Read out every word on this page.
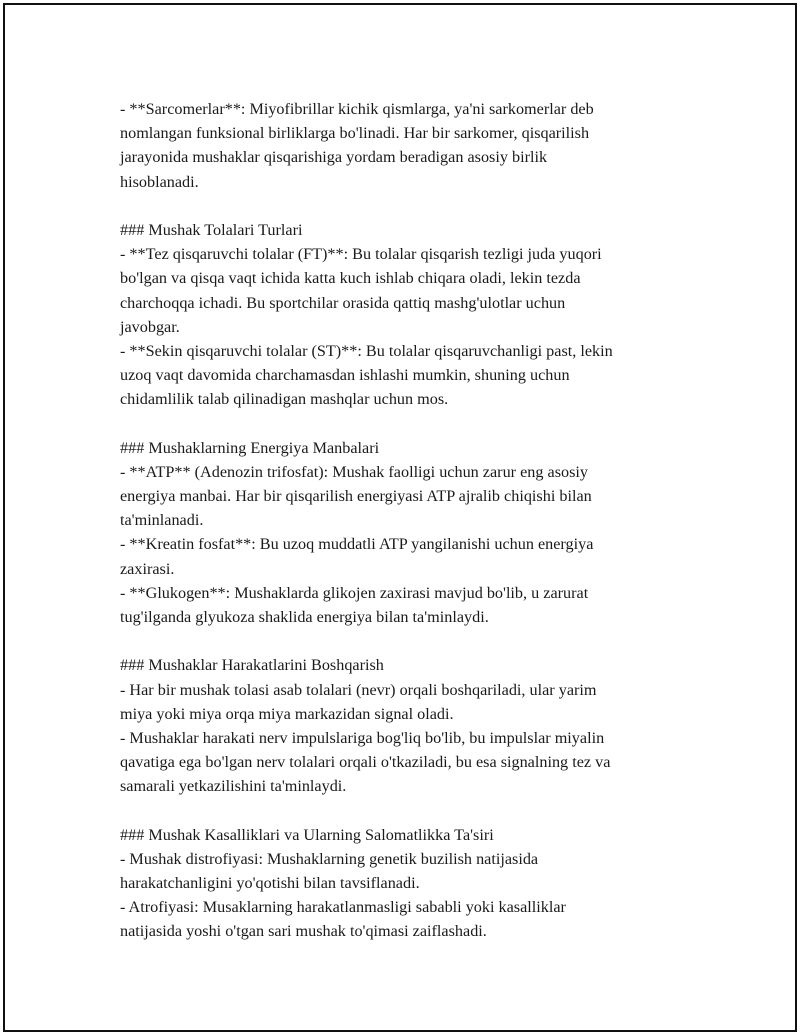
- **Sarcomerlar**: Miyofibrillar kichik qismlarga, ya'ni sarkomerlar deb
nomlangan funksional birliklarga bo'linadi. Har bir sarkomer, qisqarilish
jarayonida mushaklar qisqarishiga yordam beradigan asosiy birlik
hisoblanadi.
### Mushak Tolalari Turlari
- **Tez qisqaruvchi tolalar (FT)**: Bu tolalar qisqarish tezligi juda yuqori
bo'lgan va qisqa vaqt ichida katta kuch ishlab chiqara oladi, lekin tezda
charchoqqa ichadi. Bu sportchilar orasida qattiq mashg'ulotlar uchun
javobgar.
- **Sekin qisqaruvchi tolalar (ST)**: Bu tolalar qisqaruvchanligi past, lekin
uzoq vaqt davomida charchamasdan ishlashi mumkin, shuning uchun
chidamlilik talab qilinadigan mashqlar uchun mos.
### Mushaklarning Energiya Manbalari
- **ATP** (Adenozin trifosfat): Mushak faolligi uchun zarur eng asosiy
energiya manbai. Har bir qisqarilish energiyasi ATP ajralib chiqishi bilan
ta'minlanadi.
- **Kreatin fosfat**: Bu uzoq muddatli ATP yangilanishi uchun energiya
zaxirasi.
- **Glukogen**: Mushaklarda glikojen zaxirasi mavjud bo'lib, u zarurat
tug'ilganda glyukoza shaklida energiya bilan ta'minlaydi.
### Mushaklar Harakatlarini Boshqarish
- Har bir mushak tolasi asab tolalari (nevr) orqali boshqariladi, ular yarim
miya yoki miya orqa miya markazidan signal oladi.
- Mushaklar harakati nerv impulslariga bog'liq bo'lib, bu impulslar miyalin
qavatiga ega bo'lgan nerv tolalari orqali o'tkaziladi, bu esa signalning tez va
samarali yetkazilishini ta'minlaydi.
### Mushak Kasalliklari va Ularning Salomatlikka Ta'siri
- Mushak distrofiyasi: Mushaklarning genetik buzilish natijasida
harakatchanligini yo'qotishi bilan tavsiflanadi.
- Atrofiyasi: Musaklarning harakatlanmasligi sababli yoki kasalliklar
natijasida yoshi o'tgan sari mushak to'qimasi zaiflashadi.
